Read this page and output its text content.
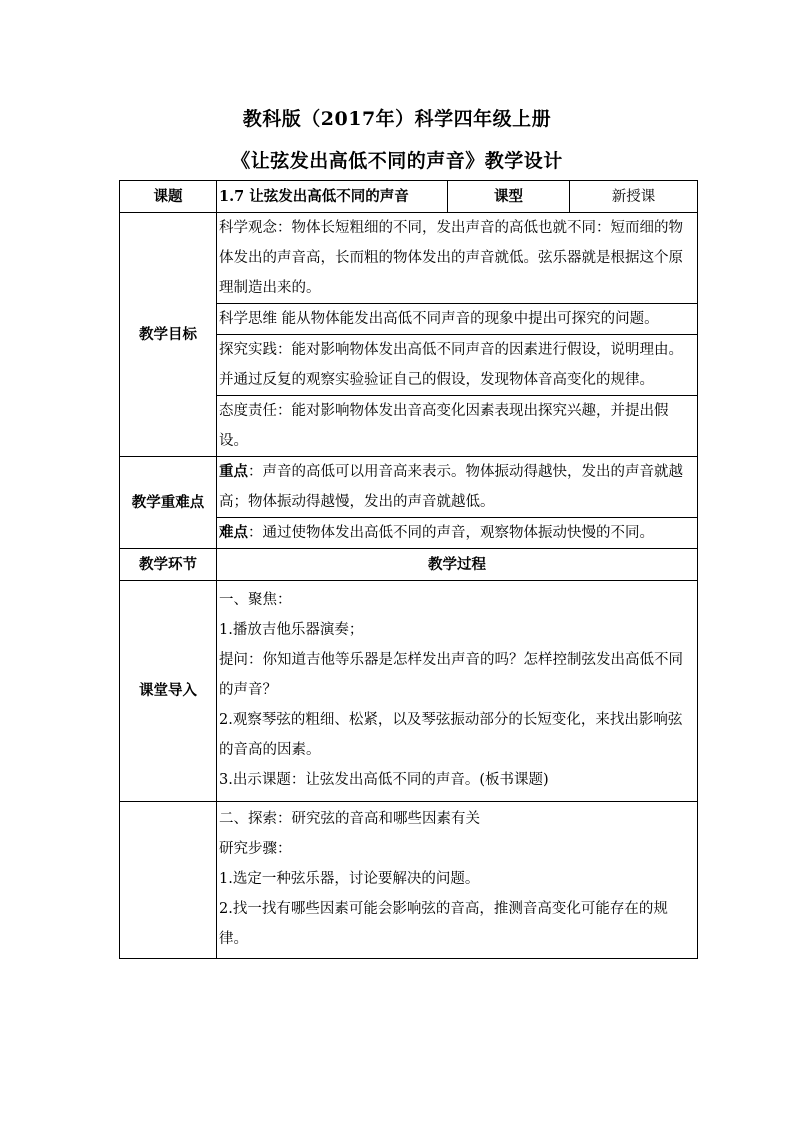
教科版（2017年）科学四年级上册
《让弦发出高低不同的声音》教学设计
课题	1.7 让弦发出高低不同的声音	课型	新授课
教学目标	科学观念：物体长短粗细的不同，发出声音的高低也就不同：短而细的物体发出的声音高，长而粗的物体发出的声音就低。弦乐器就是根据这个原理制造出来的。		
	科学思维 能从物体能发出高低不同声音的现象中提出可探究的问题。		
	探究实践：能对影响物体发出高低不同声音的因素进行假设，说明理由。并通过反复的观察实验验证自己的假设，发现物体音高变化的规律。		
	态度责任：能对影响物体发出音高变化因素表现出探究兴趣，并提出假设。		
教学重难点	重点：声音的高低可以用音高来表示。物体振动得越快，发出的声音就越高；物体振动得越慢，发出的声音就越低。		
	难点：通过使物体发出高低不同的声音，观察物体振动快慢的不同。		
教学环节	教学过程		
课堂导入	一、聚焦：
1.播放吉他乐器演奏；
提问：你知道吉他等乐器是怎样发出声音的吗？怎样控制弦发出高低不同的声音？
2.观察琴弦的粗细、松紧，以及琴弦振动部分的长短变化，来找出影响弦的音高的因素。
3.出示课题：让弦发出高低不同的声音。(板书课题)		

	二、探索：研究弦的音高和哪些因素有关
研究步骤：
1.选定一种弦乐器，讨论要解决的问题。
2.找一找有哪些因素可能会影响弦的音高，推测音高变化可能存在的规律。		
